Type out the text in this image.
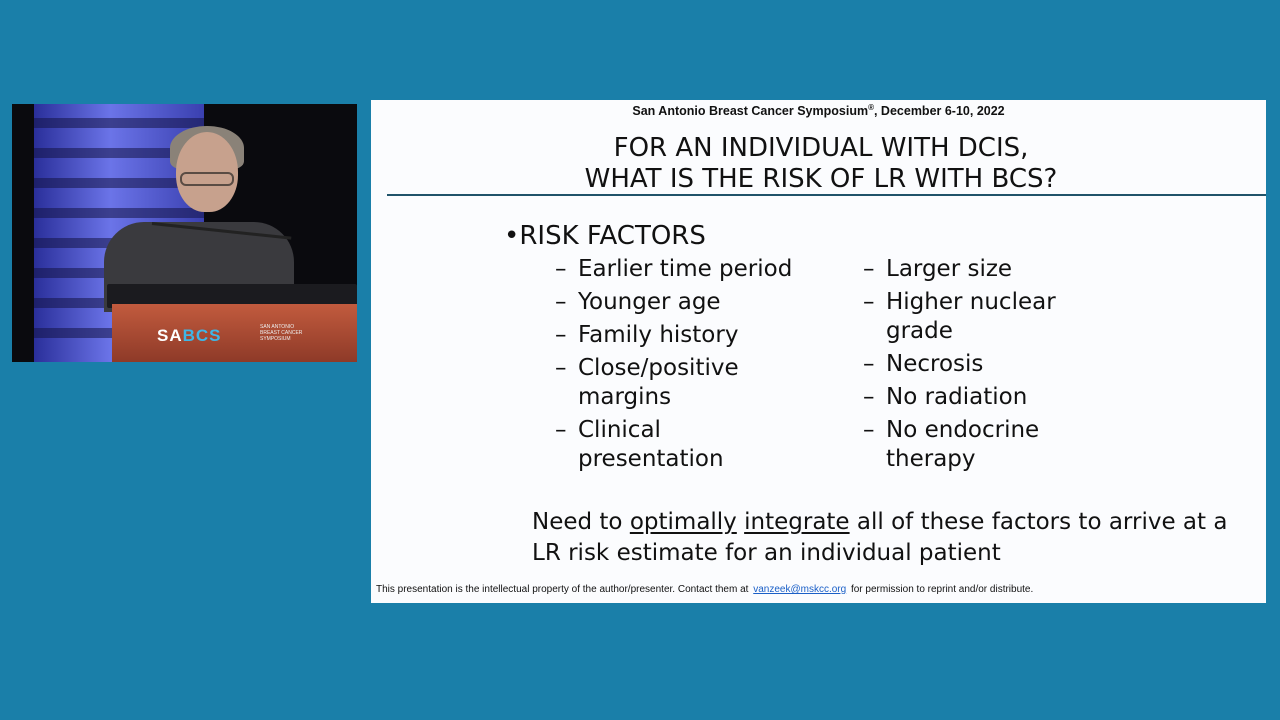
SABCS	SAN ANTONIO BREAST CANCER SYMPOSIUM
San Antonio Breast Cancer Symposium®, December 6-10, 2022
FOR AN INDIVIDUAL WITH DCIS,
WHAT IS THE RISK OF LR WITH BCS?
•RISK FACTORS
– Earlier time period
– Younger age
– Family history
– Close/positive margins
– Clinical presentation
– Larger size
– Higher nuclear grade
– Necrosis
– No radiation
– No endocrine therapy
Need to optimally integrate all of these factors to arrive at a LR risk estimate for an individual patient
This presentation is the intellectual property of the author/presenter. Contact them at vanzeek@mskcc.org for permission to reprint and/or distribute.
